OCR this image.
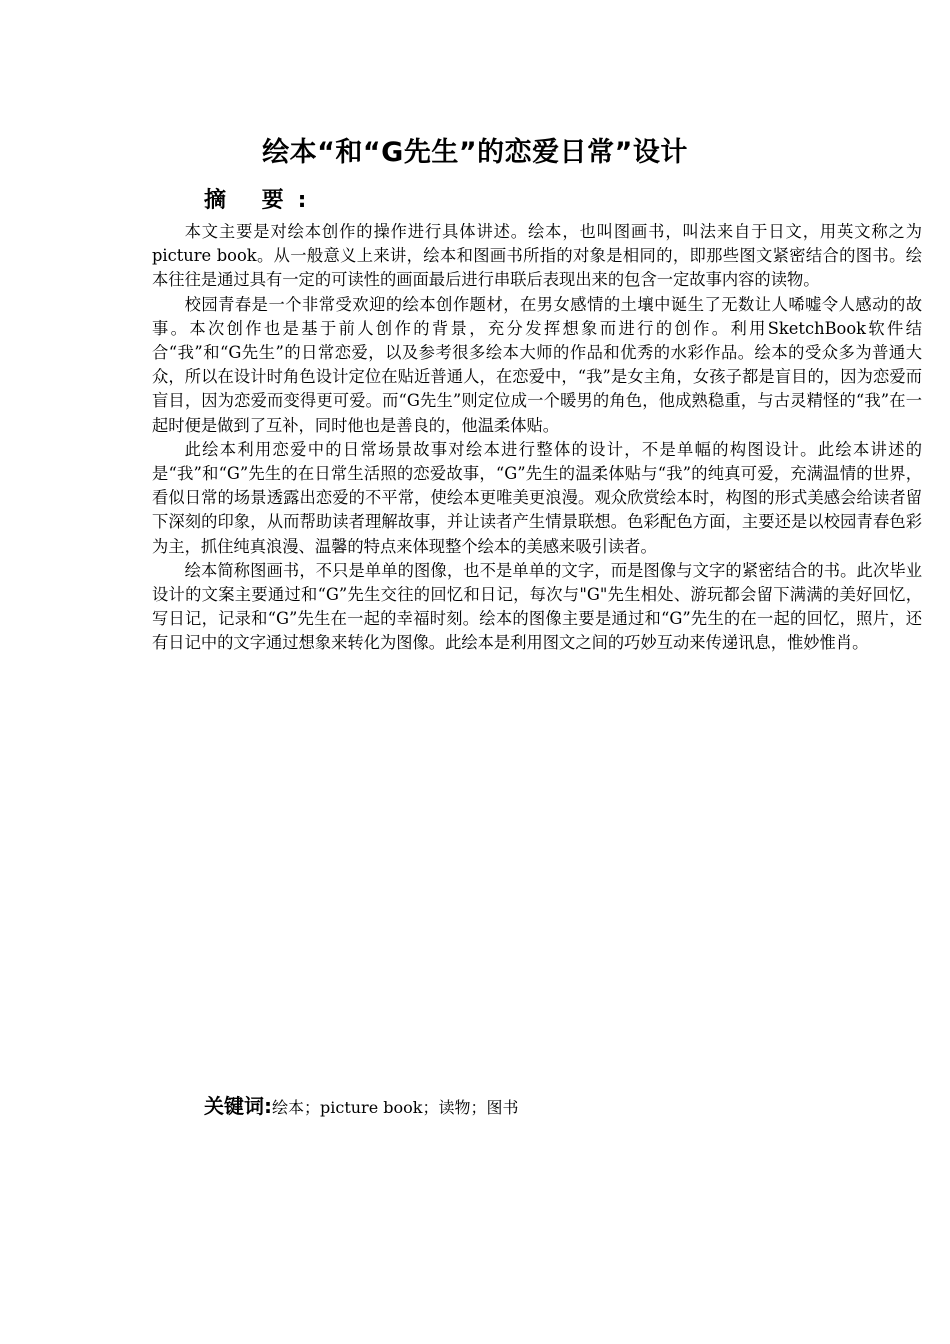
绘本“和“G先生”的恋爱日常”设计
摘 要:

本文主要是对绘本创作的操作进行具体讲述。绘本，也叫图画书，叫法来自于日文，用英文称之为picture book。从一般意义上来讲，绘本和图画书所指的对象是相同的，即那些图文紧密结合的图书。绘本往往是通过具有一定的可读性的画面最后进行串联后表现出来的包含一定故事内容的读物。

校园青春是一个非常受欢迎的绘本创作题材，在男女感情的土壤中诞生了无数让人唏嘘令人感动的故事。本次创作也是基于前人创作的背景，充分发挥想象而进行的创作。利用SketchBook软件结合“我”和“G先生”的日常恋爱，以及参考很多绘本大师的作品和优秀的水彩作品。绘本的受众多为普通大众，所以在设计时角色设计定位在贴近普通人，在恋爱中，“我”是女主角，女孩子都是盲目的，因为恋爱而盲目，因为恋爱而变得更可爱。而“G先生”则定位成一个暖男的角色，他成熟稳重，与古灵精怪的“我”在一起时便是做到了互补，同时他也是善良的，他温柔体贴。

此绘本利用恋爱中的日常场景故事对绘本进行整体的设计，不是单幅的构图设计。此绘本讲述的是“我”和“G”先生的在日常生活照的恋爱故事，“G”先生的温柔体贴与“我”的纯真可爱，充满温情的世界，看似日常的场景透露出恋爱的不平常，使绘本更唯美更浪漫。观众欣赏绘本时，构图的形式美感会给读者留下深刻的印象，从而帮助读者理解故事，并让读者产生情景联想。色彩配色方面，主要还是以校园青春色彩为主，抓住纯真浪漫、温馨的特点来体现整个绘本的美感来吸引读者。

绘本简称图画书，不只是单单的图像，也不是单单的文字，而是图像与文字的紧密结合的书。此次毕业设计的文案主要通过和“G”先生交往的回忆和日记，每次与"G"先生相处、游玩都会留下满满的美好回忆，写日记，记录和“G”先生在一起的幸福时刻。绘本的图像主要是通过和“G”先生的在一起的回忆，照片，还有日记中的文字通过想象来转化为图像。此绘本是利用图文之间的巧妙互动来传递讯息，惟妙惟肖。

关键词:绘本；picture book；读物；图书
